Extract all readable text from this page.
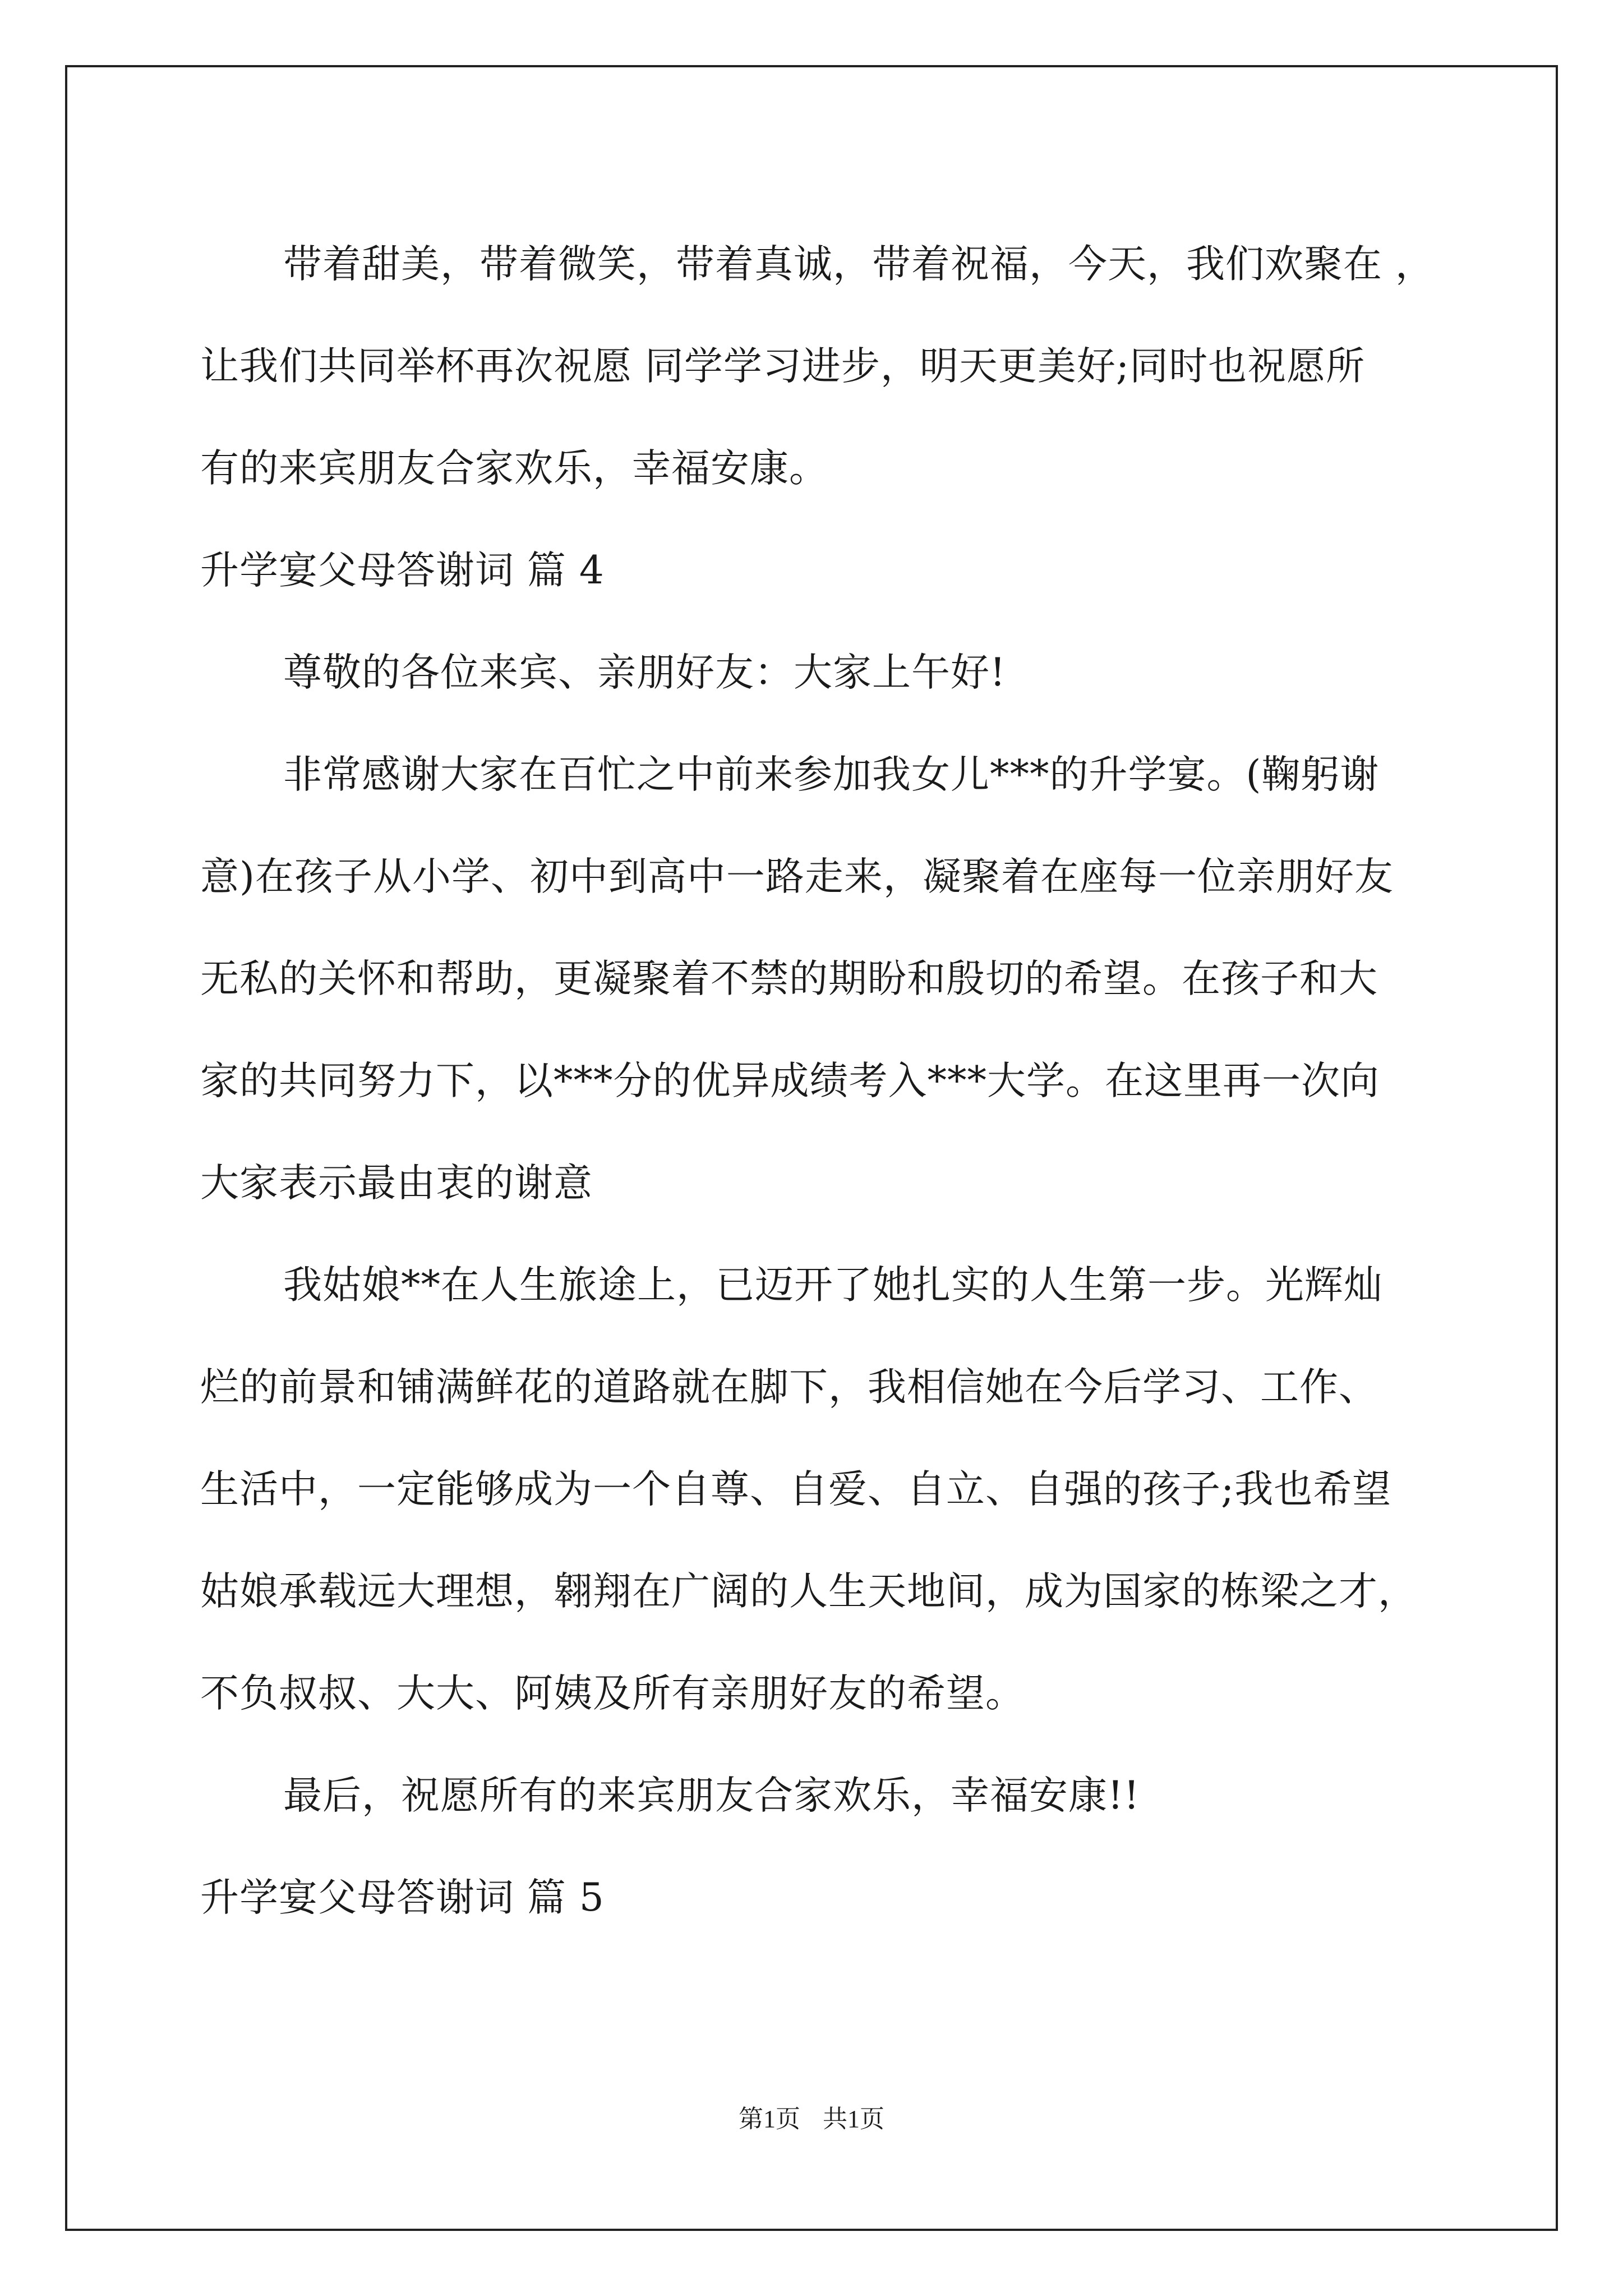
带着甜美，带着微笑，带着真诚，带着祝福，今天，我们欢聚在 ，
让我们共同举杯再次祝愿 同学学习进步，明天更美好;同时也祝愿所
有的来宾朋友合家欢乐，幸福安康。
升学宴父母答谢词 篇 4
尊敬的各位来宾、亲朋好友：大家上午好!
非常感谢大家在百忙之中前来参加我女儿***的升学宴。(鞠躬谢
意)在孩子从小学、初中到高中一路走来，凝聚着在座每一位亲朋好友
无私的关怀和帮助，更凝聚着不禁的期盼和殷切的希望。在孩子和大
家的共同努力下，以***分的优异成绩考入***大学。在这里再一次向
大家表示最由衷的谢意
我姑娘**在人生旅途上，已迈开了她扎实的人生第一步。光辉灿
烂的前景和铺满鲜花的道路就在脚下，我相信她在今后学习、工作、
生活中，一定能够成为一个自尊、自爱、自立、自强的孩子;我也希望
姑娘承载远大理想，翱翔在广阔的人生天地间，成为国家的栋梁之才，
不负叔叔、大大、阿姨及所有亲朋好友的希望。
最后，祝愿所有的来宾朋友合家欢乐，幸福安康!!
升学宴父母答谢词 篇 5
第1页 共1页
